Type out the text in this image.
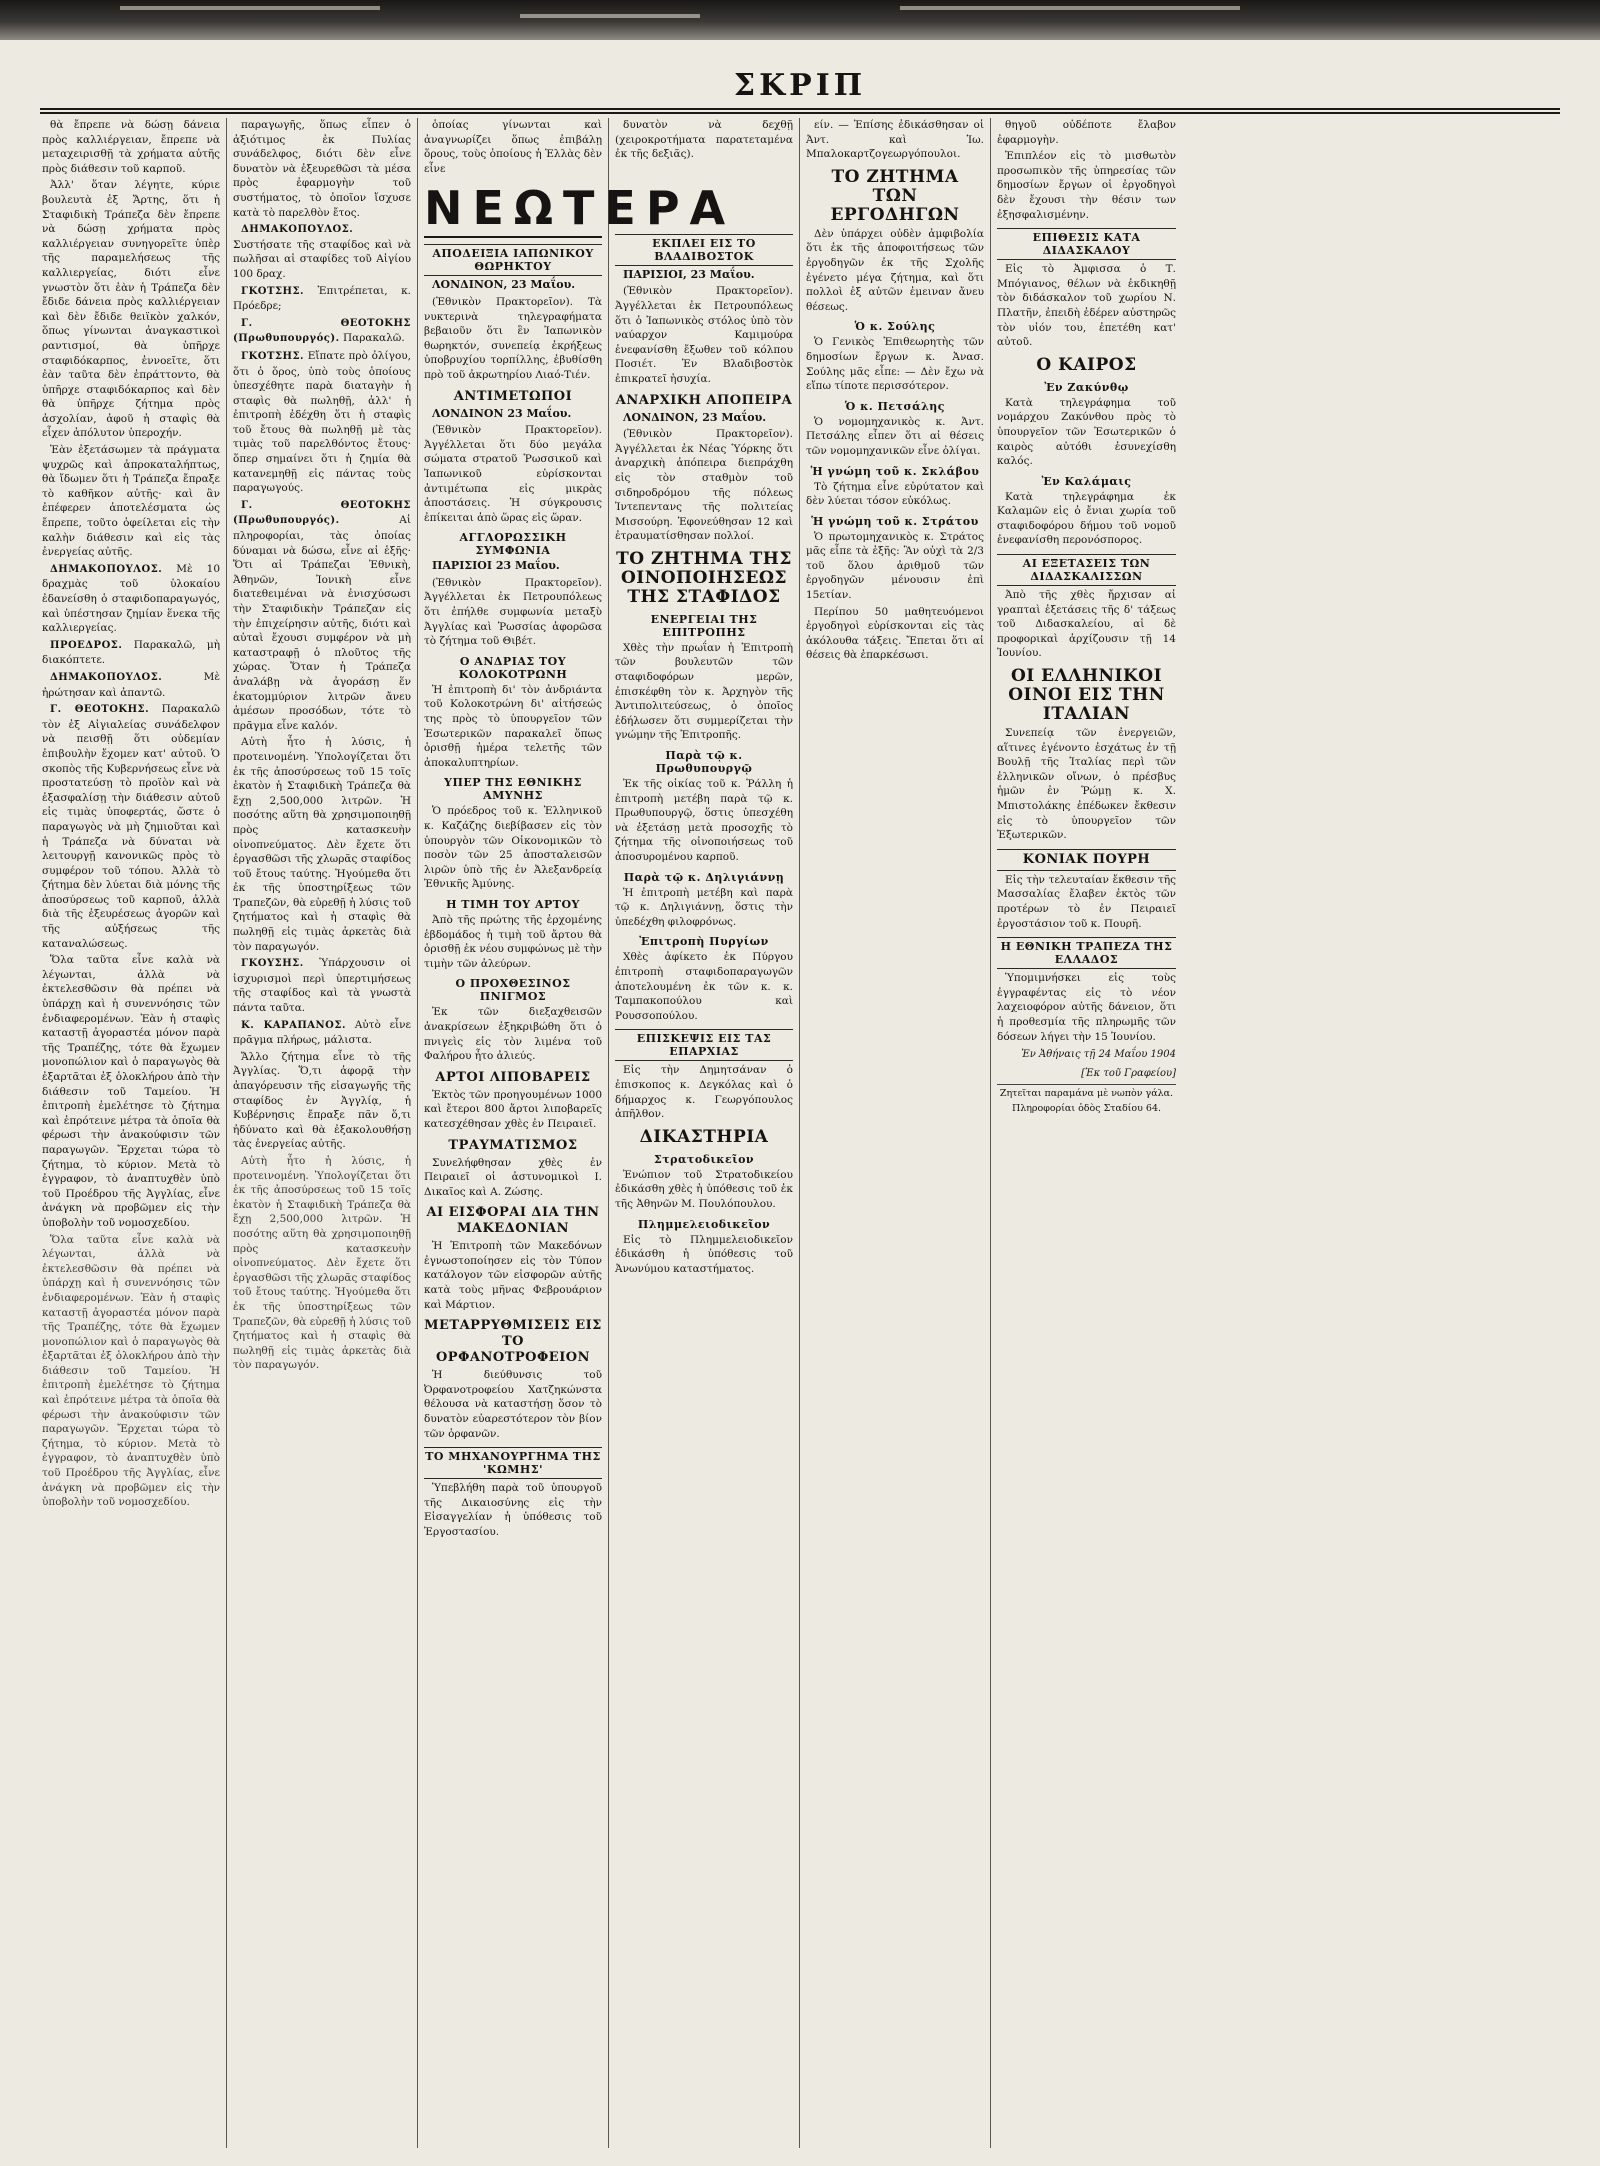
ΣΚΡΙΠ

θὰ ἔπρεπε νὰ δώσῃ δάνεια πρὸς καλλιέργειαν, ἔπρεπε νὰ μεταχειρισθῇ τὰ χρήματα αὐτῆς πρὸς διάθεσιν τοῦ καρποῦ.

Ἀλλ' ὅταν λέγητε, κύριε βουλευτὰ ἐξ Ἄρτης, ὅτι ἡ Σταφιδικὴ Τράπεζα δὲν ἔπρεπε νὰ δώσῃ χρήματα πρὸς καλλιέργειαν συνηγορεῖτε ὑπὲρ τῆς παραμελήσεως τῆς καλλιεργείας, διότι εἶνε γνωστὸν ὅτι ἐὰν ἡ Τράπεζα δὲν ἔδιδε δάνεια πρὸς καλλιέργειαν καὶ δὲν ἔδιδε θειϊκὸν χαλκόν, ὅπως γίνωνται ἀναγκαστικοὶ ραντισμοί, θὰ ὑπῆρχε σταφιδόκαρπος, ἐννοεῖτε, ὅτι ἐὰν ταῦτα δὲν ἐπράττοντο, θὰ ὑπῆρχε σταφιδόκαρπος καὶ δὲν θὰ ὑπῆρχε ζήτημα πρὸς ἀσχολίαν, ἀφοῦ ἡ σταφὶς θὰ εἶχεν ἀπόλυτον ὑπεροχήν.

Ἐὰν ἐξετάσωμεν τὰ πράγματα ψυχρῶς καὶ ἀπροκαταλήπτως, θὰ ἴδωμεν ὅτι ἡ Τράπεζα ἔπραξε τὸ καθῆκον αὐτῆς· καὶ ἂν ἐπέφερεν ἀποτελέσματα ὡς ἔπρεπε, τοῦτο ὀφείλεται εἰς τὴν καλὴν διάθεσιν καὶ εἰς τὰς ἐνεργείας αὐτῆς.

ΔΗΜΑΚΟΠΟΥΛΟΣ. Μὲ 10 δραχμὰς τοῦ ὑλοκαίου ἐδανείσθη ὁ σταφιδοπαραγωγός, καὶ ὑπέστησαν ζημίαν ἕνεκα τῆς καλλιεργείας.

ΠΡΟΕΔΡΟΣ. Παρακαλῶ, μὴ διακόπτετε.

ΔΗΜΑΚΟΠΟΥΛΟΣ.	Μὲ ἠρώτησαν καὶ ἀπαντῶ.

Γ. ΘΕΟΤΟΚΗΣ. Παρακαλῶ τὸν ἐξ Αἰγιαλείας συνάδελφον νὰ πεισθῇ ὅτι οὐδεμίαν ἐπιβουλὴν ἔχομεν κατ' αὐτοῦ. Ὁ σκοπὸς τῆς Κυβερνήσεως εἶνε νὰ προστατεύσῃ τὸ προϊὸν καὶ νὰ ἐξασφαλίσῃ τὴν διάθεσιν αὐτοῦ εἰς τιμὰς ὑποφερτάς, ὥστε ὁ παραγωγὸς νὰ μὴ ζημιοῦται καὶ ἡ Τράπεζα νὰ δύναται νὰ λειτουργῇ κανονικῶς πρὸς τὸ συμφέρον τοῦ τόπου. Ἀλλὰ τὸ ζήτημα δὲν λύεται διὰ μόνης τῆς ἀποσύρσεως τοῦ καρποῦ, ἀλλὰ διὰ τῆς ἐξευρέσεως ἀγορῶν καὶ τῆς αὐξήσεως τῆς καταναλώσεως.

Ὅλα ταῦτα εἶνε καλὰ νὰ λέγωνται, ἀλλὰ νὰ ἐκτελεσθῶσιν θὰ πρέπει νὰ ὑπάρχῃ καὶ ἡ συνεννόησις τῶν ἐνδιαφερομένων. Ἐὰν ἡ σταφὶς καταστῇ ἀγοραστέα μόνον παρὰ τῆς Τραπέζης, τότε θὰ ἔχωμεν μονοπώλιον καὶ ὁ παραγωγὸς θὰ ἐξαρτᾶται ἐξ ὁλοκλήρου ἀπὸ τὴν διάθεσιν τοῦ Ταμείου. Ἡ ἐπιτροπὴ ἐμελέτησε τὸ ζήτημα καὶ ἐπρότεινε μέτρα τὰ ὁποῖα θὰ φέρωσι τὴν ἀνακούφισιν τῶν παραγωγῶν. Ἔρχεται τώρα τὸ ζήτημα, τὸ κύριον. Μετὰ τὸ ἐγγραφον, τὸ ἀναπτυχθὲν ὑπὸ τοῦ Προέδρου τῆς Ἀγγλίας, εἶνε ἀνάγκη νὰ προβῶμεν εἰς τὴν ὑποβολὴν τοῦ νομοσχεδίου.

Ὅλα ταῦτα εἶνε καλὰ νὰ λέγωνται, ἀλλὰ νὰ ἐκτελεσθῶσιν θὰ πρέπει νὰ ὑπάρχῃ καὶ ἡ συνεννόησις τῶν ἐνδιαφερομένων. Ἐὰν ἡ σταφὶς καταστῇ ἀγοραστέα μόνον παρὰ τῆς Τραπέζης, τότε θὰ ἔχωμεν μονοπώλιον καὶ ὁ παραγωγὸς θὰ ἐξαρτᾶται ἐξ ὁλοκλήρου ἀπὸ τὴν διάθεσιν τοῦ Ταμείου. Ἡ ἐπιτροπὴ ἐμελέτησε τὸ ζήτημα καὶ ἐπρότεινε μέτρα τὰ ὁποῖα θὰ φέρωσι τὴν ἀνακούφισιν τῶν παραγωγῶν. Ἔρχεται τώρα τὸ ζήτημα, τὸ κύριον. Μετὰ τὸ ἐγγραφον, τὸ ἀναπτυχθὲν ὑπὸ τοῦ Προέδρου τῆς Ἀγγλίας, εἶνε ἀνάγκη νὰ προβῶμεν εἰς τὴν ὑποβολὴν τοῦ νομοσχεδίου.

παραγωγῆς, ὅπως εἶπεν ὁ ἀξιότιμος ἐκ Πυλίας συνάδελφος, διότι δὲν εἶνε δυνατὸν νὰ ἐξευρεθῶσι τὰ μέσα πρὸς ἐφαρμογὴν τοῦ συστήματος, τὸ ὁποῖον ἴσχυσε κατὰ τὸ παρελθὸν ἔτος.

ΔΗΜΑΚΟΠΟΥΛΟΣ. Συστήσατε τῆς σταφίδος καὶ νὰ πωλῆσαι αἱ σταφίδες τοῦ Αἰγίου 100 δραχ.

ΓΚΟΤΣΗΣ. Ἐπιτρέπεται, κ. Πρόεδρε;

Γ. ΘΕΟΤΟΚΗΣ (Πρωθυπουργός). Παρακαλῶ.

ΓΚΟΤΣΗΣ. Εἴπατε πρὸ ὀλίγου, ὅτι ὁ ὅρος, ὑπὸ τοὺς ὁποίους ὑπεσχέθητε παρὰ διαταγὴν ἡ σταφὶς θὰ πωληθῇ, ἀλλ' ἡ ἐπιτροπὴ ἐδέχθη ὅτι ἡ σταφὶς τοῦ ἔτους θὰ πωληθῇ μὲ τὰς τιμὰς τοῦ παρελθόντος ἔτους· ὅπερ σημαίνει ὅτι ἡ ζημία θὰ κατανεμηθῇ εἰς πάντας τοὺς παραγωγούς.

Γ. ΘΕΟΤΟΚΗΣ (Πρωθυπουργός).	Αἱ πληροφορίαι, τὰς ὁποίας δύναμαι νὰ δώσω, εἶνε αἱ ἑξῆς· Ὅτι αἱ Τράπεζαι Ἐθνικὴ, Ἀθηνῶν, Ἰονικὴ εἶνε διατεθειμέναι νὰ ἐνισχύσωσι τὴν Σταφιδικὴν Τράπεζαν εἰς τὴν ἐπιχείρησιν αὐτῆς, διότι καὶ αὐταὶ ἔχουσι συμφέρον νὰ μὴ καταστραφῇ ὁ πλοῦτος τῆς χώρας. Ὅταν ἡ Τράπεζα ἀναλάβῃ νὰ ἀγοράσῃ ἕν ἑκατομμύριον λιτρῶν ἄνευ ἀμέσων προσόδων, τότε τὸ πρᾶγμα εἶνε καλόν.

Αὐτὴ ἦτο ἡ λύσις, ἡ προτεινομένη. Ὑπολογίζεται ὅτι ἐκ τῆς ἀποσύρσεως τοῦ 15 τοῖς ἑκατὸν ἡ Σταφιδικὴ Τράπεζα θὰ ἔχῃ 2,500,000 λιτρῶν. Ἡ ποσότης αὕτη θὰ χρησιμοποιηθῇ πρὸς κατασκευὴν οἰνοπνεύματος. Δὲν ἔχετε ὅτι ἐργασθῶσι τῆς χλωρᾶς σταφίδος τοῦ ἔτους ταύτης. Ἡγούμεθα ὅτι ἐκ τῆς ὑποστηρίξεως τῶν Τραπεζῶν, θὰ εὑρεθῇ ἡ λύσις τοῦ ζητήματος καὶ ἡ σταφὶς θὰ πωληθῇ εἰς τιμὰς ἀρκετὰς διὰ τὸν παραγωγόν.

ΓΚΟΥΣΗΣ. Ὑπάρχουσιν οἱ ἰσχυρισμοὶ περὶ ὑπερτιμήσεως τῆς σταφίδος καὶ τὰ γνωστὰ πάντα ταῦτα.

Κ. ΚΑΡΑΠΑΝΟΣ. Αὐτὸ εἶνε πρᾶγμα πλήρως, μάλιστα.

Ἄλλο ζήτημα εἶνε τὸ τῆς Ἀγγλίας. Ὅ,τι ἀφορᾷ τὴν ἀπαγόρευσιν τῆς εἰσαγωγῆς τῆς σταφίδος ἐν Ἀγγλίᾳ, ἡ Κυβέρνησις ἔπραξε πᾶν ὅ,τι ἠδύνατο καὶ θὰ ἐξακολουθήσῃ τὰς ἐνεργείας αὐτῆς.

Αὐτὴ ἦτο ἡ λύσις, ἡ προτεινομένη. Ὑπολογίζεται ὅτι ἐκ τῆς ἀποσύρσεως τοῦ 15 τοῖς ἑκατὸν ἡ Σταφιδικὴ Τράπεζα θὰ ἔχῃ 2,500,000 λιτρῶν. Ἡ ποσότης αὕτη θὰ χρησιμοποιηθῇ πρὸς κατασκευὴν οἰνοπνεύματος. Δὲν ἔχετε ὅτι ἐργασθῶσι τῆς χλωρᾶς σταφίδος τοῦ ἔτους ταύτης. Ἡγούμεθα ὅτι ἐκ τῆς ὑποστηρίξεως τῶν Τραπεζῶν, θὰ εὑρεθῇ ἡ λύσις τοῦ ζητήματος καὶ ἡ σταφὶς θὰ πωληθῇ εἰς τιμὰς ἀρκετὰς διὰ τὸν παραγωγόν.

ὁποίας γίνωνται καὶ ἀναγνωρίζει ὅπως ἐπιβάλῃ ὅρους, τοὺς ὁποίους ἡ Ἑλλὰς δὲν εἶνε

ΝΕΩΤΕΡΑ
ΑΠΟΔΕΙΞΙΑ ΙΑΠΩΝΙΚΟΥ ΘΩΡΗΚΤΟΥ

ΛΟΝΔΙΝΟΝ, 23 Μαΐου.

(Ἐθνικὸν Πρακτορεῖον). Τὰ νυκτερινὰ τηλεγραφήματα βεβαιοῦν ὅτι ἓν Ἰαπωνικὸν θωρηκτόν, συνεπείᾳ ἐκρήξεως ὑποβρυχίου τορπίλλης, ἐβυθίσθη πρὸ τοῦ ἀκρωτηρίου Λιαό-Τιέν.

ΑΝΤΙΜΕΤΩΠΟΙ

ΛΟΝΔΙΝΟΝ 23 Μαΐου.

(Ἐθνικὸν Πρακτορεῖον). Ἀγγέλλεται ὅτι δύο μεγάλα σώματα στρατοῦ Ῥωσσικοῦ καὶ Ἰαπωνικοῦ εὑρίσκονται ἀντιμέτωπα εἰς μικρὰς ἀποστάσεις. Ἡ σύγκρουσις ἐπίκειται ἀπὸ ὥρας εἰς ὥραν.

ΑΓΓΛΟΡΩΣΣΙΚΗ ΣΥΜΦΩΝΙΑ

ΠΑΡΙΣΙΟΙ 23 Μαΐου.

(Ἐθνικὸν Πρακτορεῖον). Ἀγγέλλεται ἐκ Πετρουπόλεως ὅτι ἐπήλθε συμφωνία μεταξὺ Ἀγγλίας καὶ Ῥωσσίας ἀφορῶσα τὸ ζήτημα τοῦ Θιβέτ.

Ο ΑΝΔΡΙΑΣ ΤΟΥ ΚΟΛΟΚΟΤΡΩΝΗ

Ἡ ἐπιτροπὴ δι' τὸν ἀνδριάντα τοῦ Κολοκοτρώνη δι' αἰτήσεώς της πρὸς τὸ ὑπουργεῖον τῶν Ἐσωτερικῶν παρακαλεῖ ὅπως ὁρισθῇ ἡμέρα τελετῆς τῶν ἀποκαλυπτηρίων.

ΥΠΕΡ ΤΗΣ ΕΘΝΙΚΗΣ ΑΜΥΝΗΣ

Ὁ πρόεδρος τοῦ κ. Ἑλληνικοῦ κ. Καζάζης διεβίβασεν εἰς τὸν ὑπουργὸν τῶν Οἰκονομικῶν τὸ ποσὸν τῶν 25 ἀποσταλεισῶν λιρῶν ὑπὸ τῆς ἐν Ἀλεξανδρείᾳ Ἐθνικῆς Ἀμύνης.

Η ΤΙΜΗ ΤΟΥ ΑΡΤΟΥ

Ἀπὸ τῆς πρώτης τῆς ἐρχομένης ἑβδομάδος ἡ τιμὴ τοῦ ἄρτου θὰ ὁρισθῇ ἐκ νέου συμφώνως μὲ τὴν τιμὴν τῶν ἀλεύρων.

Ο ΠΡΟΧΘΕΣΙΝΟΣ ΠΝΙΓΜΟΣ

Ἐκ τῶν διεξαχθεισῶν ἀνακρίσεων ἐξηκριβώθη ὅτι ὁ πνιγεὶς εἰς τὸν λιμένα τοῦ Φαλήρου ἦτο ἀλιεύς.

ΑΡΤΟΙ ΛΙΠΟΒΑΡΕΙΣ

Ἐκτὸς τῶν προηγουμένων 1000 καὶ ἔτεροι 800 ἄρτοι λιποβαρεῖς κατεσχέθησαν χθὲς ἐν Πειραιεῖ.

ΤΡΑΥΜΑΤΙΣΜΟΣ

Συνελήφθησαν χθὲς ἐν Πειραιεῖ οἱ ἀστυνομικοὶ Ι. Δικαῖος καὶ Α. Ζώσης.

ΑΙ ΕΙΣΦΟΡΑΙ ΔΙΑ ΤΗΝ ΜΑΚΕΔΟΝΙΑΝ

Ἡ Ἐπιτροπὴ τῶν Μακεδόνων ἐγνωστοποίησεν εἰς τὸν Τύπον κατάλογον τῶν εἰσφορῶν αὐτῆς κατὰ τοὺς μῆνας Φεβρουάριον καὶ Μάρτιον.

ΜΕΤΑΡΡΥΘΜΙΣΕΙΣ ΕΙΣ ΤΟ ΟΡΦΑΝΟΤΡΟΦΕΙΟΝ

Ἡ διεύθυνσις τοῦ Ὀρφανοτροφείου Χατζηκώνστα θέλουσα νὰ καταστήσῃ ὅσον τὸ δυνατὸν εὐαρεστότερον τὸν βίον τῶν ὀρφανῶν.

ΤΟ ΜΗΧΑΝΟΥΡΓΗΜΑ ΤΗΣ 'ΚΩΜΗΣ'

Ὑπεβλήθη παρὰ τοῦ ὑπουργοῦ τῆς Δικαιοσύνης εἰς τὴν Εἰσαγγελίαν ἡ ὑπόθεσις τοῦ Ἐργοστασίου.

δυνατὸν νὰ δεχθῇ (χειροκροτήματα παρατεταμένα ἐκ τῆς δεξιᾶς).

ΕΚΠΛΕΙ ΕΙΣ ΤΟ ΒΛΑΔΙΒΟΣΤΟΚ

ΠΑΡΙΣΙΟΙ, 23 Μαΐου.

(Ἐθνικὸν Πρακτορεῖον). Ἀγγέλλεται ἐκ Πετρουπόλεως ὅτι ὁ Ἰαπωνικὸς στόλος ὑπὸ τὸν ναύαρχον Καμιμούρα ἐνεφανίσθη ἔξωθεν τοῦ κόλπου Ποσιέτ. Ἐν Βλαδιβοστὸκ ἐπικρατεῖ ἡσυχία.

ΑΝΑΡΧΙΚΗ ΑΠΟΠΕΙΡΑ

ΛΟΝΔΙΝΟΝ, 23 Μαΐου.

(Ἐθνικὸν Πρακτορεῖον). Ἀγγέλλεται ἐκ Νέας Ὑόρκης ὅτι ἀναρχικὴ ἀπόπειρα διεπράχθη εἰς τὸν σταθμὸν τοῦ σιδηροδρόμου τῆς πόλεως Ἰντεπεντανς τῆς πολιτείας Μισσούρη. Ἐφονεύθησαν 12 καὶ ἐτραυματίσθησαν πολλοί.

ΤΟ ΖΗΤΗΜΑ ΤΗΣ ΟΙΝΟΠΟΙΗΣΕΩΣ ΤΗΣ ΣΤΑΦΙΔΟΣ
ΕΝΕΡΓΕΙΑΙ ΤΗΣ ΕΠΙΤΡΟΠΗΣ

Χθὲς τὴν πρωΐαν ἡ Ἐπιτροπὴ τῶν βουλευτῶν τῶν σταφιδοφόρων μερῶν, ἐπισκέφθη τὸν κ. Ἀρχηγὸν τῆς Ἀντιπολιτεύσεως, ὁ ὁποῖος ἐδήλωσεν ὅτι συμμερίζεται τὴν γνώμην τῆς Ἐπιτροπῆς.

Παρὰ τῷ κ. Πρωθυπουργῷ

Ἐκ τῆς οἰκίας τοῦ κ. Ῥάλλη ἡ ἐπιτροπὴ μετέβη παρὰ τῷ κ. Πρωθυπουργῷ, ὅστις ὑπεσχέθη νὰ ἐξετάσῃ μετὰ προσοχῆς τὸ ζήτημα τῆς οἰνοποιήσεως τοῦ ἀποσυρομένου καρποῦ.

Παρὰ τῷ κ. Δηλιγιάννῃ

Ἡ ἐπιτροπὴ μετέβη καὶ παρὰ τῷ κ. Δηλιγιάννῃ, ὅστις τὴν ὑπεδέχθη φιλοφρόνως.

Ἐπιτροπὴ Πυργίων

Χθὲς ἀφίκετο ἐκ Πύργου ἐπιτροπὴ σταφιδοπαραγωγῶν ἀποτελουμένη ἐκ τῶν κ. κ. Ταμπακοπούλου καὶ Ρουσσοπούλου.

ΕΠΙΣΚΕΨΙΣ ΕΙΣ ΤΑΣ ΕΠΑΡΧΙΑΣ

Εἰς τὴν Δημητσάναν ὁ ἐπισκοπος κ. Δεγκόλας καὶ ὁ δήμαρχος κ. Γεωργόπουλος ἀπῆλθον.

ΔΙΚΑΣΤΗΡΙΑ
Στρατοδικεῖον

Ἐνώπιον τοῦ Στρατοδικείου ἐδικάσθη χθὲς ἡ ὑπόθεσις τοῦ ἐκ τῆς Ἀθηνῶν Μ. Πουλόπουλου.

Πλημμελειοδικεῖον

Εἰς τὸ Πλημμελειοδικεῖον ἐδικάσθη ἡ ὑπόθεσις τοῦ Ἀνωνύμου καταστήματος.

είν. — Ἐπίσης ἐδικάσθησαν οἱ Ἀντ. καὶ Ἰω. Μπαλοκαρτζογεωργόπουλοι.

ΤΟ ΖΗΤΗΜΑ ΤΩΝ ΕΡΓΟΔΗΓΩΝ

Δὲν ὑπάρχει οὐδὲν ἀμφιβολία ὅτι ἐκ τῆς ἀποφοιτήσεως τῶν ἐργοδηγῶν ἐκ τῆς Σχολῆς ἐγένετο μέγα ζήτημα, καὶ ὅτι πολλοὶ ἐξ αὐτῶν ἐμειναν ἄνευ θέσεως.

Ὁ κ. Σούλης

Ὁ Γενικὸς Ἐπιθεωρητὴς τῶν δημοσίων ἔργων κ. Ἀνασ. Σούλης μᾶς εἶπε: — Δὲν ἔχω νὰ εἴπω τίποτε περισσότερον.

Ὁ κ. Πετσάλης

Ὁ νομομηχανικὸς κ. Ἀντ. Πετσάλης εἶπεν ὅτι αἱ θέσεις τῶν νομομηχανικῶν εἶνε ὀλίγαι.

Ἡ γνώμη τοῦ κ. Σκλάβου

Τὸ ζήτημα εἶνε εὐρύτατον καὶ δὲν λύεται τόσον εὐκόλως.

Ἡ γνώμη τοῦ κ. Στράτου

Ὁ πρωτομηχανικὸς κ. Στράτος μᾶς εἶπε τὰ ἑξῆς: Ἂν οὐχὶ τὰ 2/3 τοῦ ὅλου ἀριθμοῦ τῶν ἐργοδηγῶν μένουσιν ἐπὶ 15ετίαν.

Περίπου 50 μαθητευόμενοι ἐργοδηγοὶ εὑρίσκονται εἰς τὰς ἀκόλουθα τάξεις. Ἔπεται ὅτι αἱ θέσεις θὰ ἐπαρκέσωσι.

θηγοῦ οὐδέποτε ἔλαβον ἐφαρμογὴν.

Ἐπιπλέον εἰς τὸ μισθωτὸν προσωπικὸν τῆς ὑπηρεσίας τῶν δημοσίων ἔργων οἱ ἐργοδηγοὶ δὲν ἔχουσι τὴν θέσιν των ἐξησφαλισμένην.

ΕΠΙΘΕΣΙΣ ΚΑΤΑ ΔΙΔΑΣΚΑΛΟΥ

Εἰς τὸ Ἀμφισσα ὁ Τ. Μπόγιανος, θέλων νὰ ἐκδικηθῇ τὸν διδάσκαλον τοῦ χωρίου Ν. Πλατῆν, ἐπειδὴ ἐδέρεν αὐστηρῶς τὸν υἱόν του, ἐπετέθη κατ' αὐτοῦ.

Ο ΚΑΙΡΟΣ
Ἐν Ζακύνθῳ

Κατὰ τηλεγράφημα τοῦ νομάρχου Ζακύνθου πρὸς τὸ ὑπουργεῖον τῶν Ἐσωτερικῶν ὁ καιρὸς αὐτόθι ἐσυνεχίσθη καλός.

Ἐν Καλάμαις

Κατὰ τηλεγράφημα ἐκ Καλαμῶν εἰς ὁ ἔνιαι χωρία τοῦ σταφιδοφόρου δήμου τοῦ νομοῦ ἐνεφανίσθη περονόσπορος.

ΑΙ ΕΞΕΤΑΣΕΙΣ ΤΩΝ ΔΙΔΑΣΚΑΛΙΣΣΩΝ

Ἀπὸ τῆς χθὲς ἤρχισαν αἱ γραπταὶ ἐξετάσεις τῆς δ' τάξεως τοῦ Διδασκαλείου, αἱ δὲ προφορικαὶ ἀρχίζουσιν τῇ 14 Ἰουνίου.

ΟΙ ΕΛΛΗΝΙΚΟΙ ΟΙΝΟΙ ΕΙΣ ΤΗΝ ΙΤΑΛΙΑΝ

Συνεπείᾳ τῶν ἐνεργειῶν, αἵτινες ἐγένοντο ἐσχάτως ἐν τῇ Βουλῇ τῆς Ἰταλίας περὶ τῶν ἑλληνικῶν οἴνων, ὁ πρέσβυς ἡμῶν ἐν Ῥώμῃ κ. Χ. Μπιστολάκης ἐπέδωκεν ἔκθεσιν εἰς τὸ ὑπουργεῖον τῶν Ἐξωτερικῶν.

ΚΟΝΙΑΚ ΠΟΥΡΗ

Εἰς τὴν τελευταίαν ἔκθεσιν τῆς Μασσαλίας ἔλαβεν ἐκτὸς τῶν προτέρων τὸ ἐν Πειραιεῖ ἐργοστάσιον τοῦ κ. Πουρῆ.

Η ΕΘΝΙΚΗ ΤΡΑΠΕΖΑ ΤΗΣ ΕΛΛΑΔΟΣ

Ὑπομιμνήσκει εἰς τοὺς ἐγγραφέντας εἰς τὸ νέον λαχειοφόρον αὐτῆς δάνειον, ὅτι ἡ προθεσμία τῆς πληρωμῆς τῶν δόσεων λήγει τὴν 15 Ἰουνίου.

Ἐν Ἀθήναις τῇ 24 Μαΐου 1904
[Ἐκ τοῦ Γραφείου]
Ζητεῖται παραμάνα μὲ νωπὸν γάλα. Πληροφορίαι ὁδὸς Σταδίου 64.
